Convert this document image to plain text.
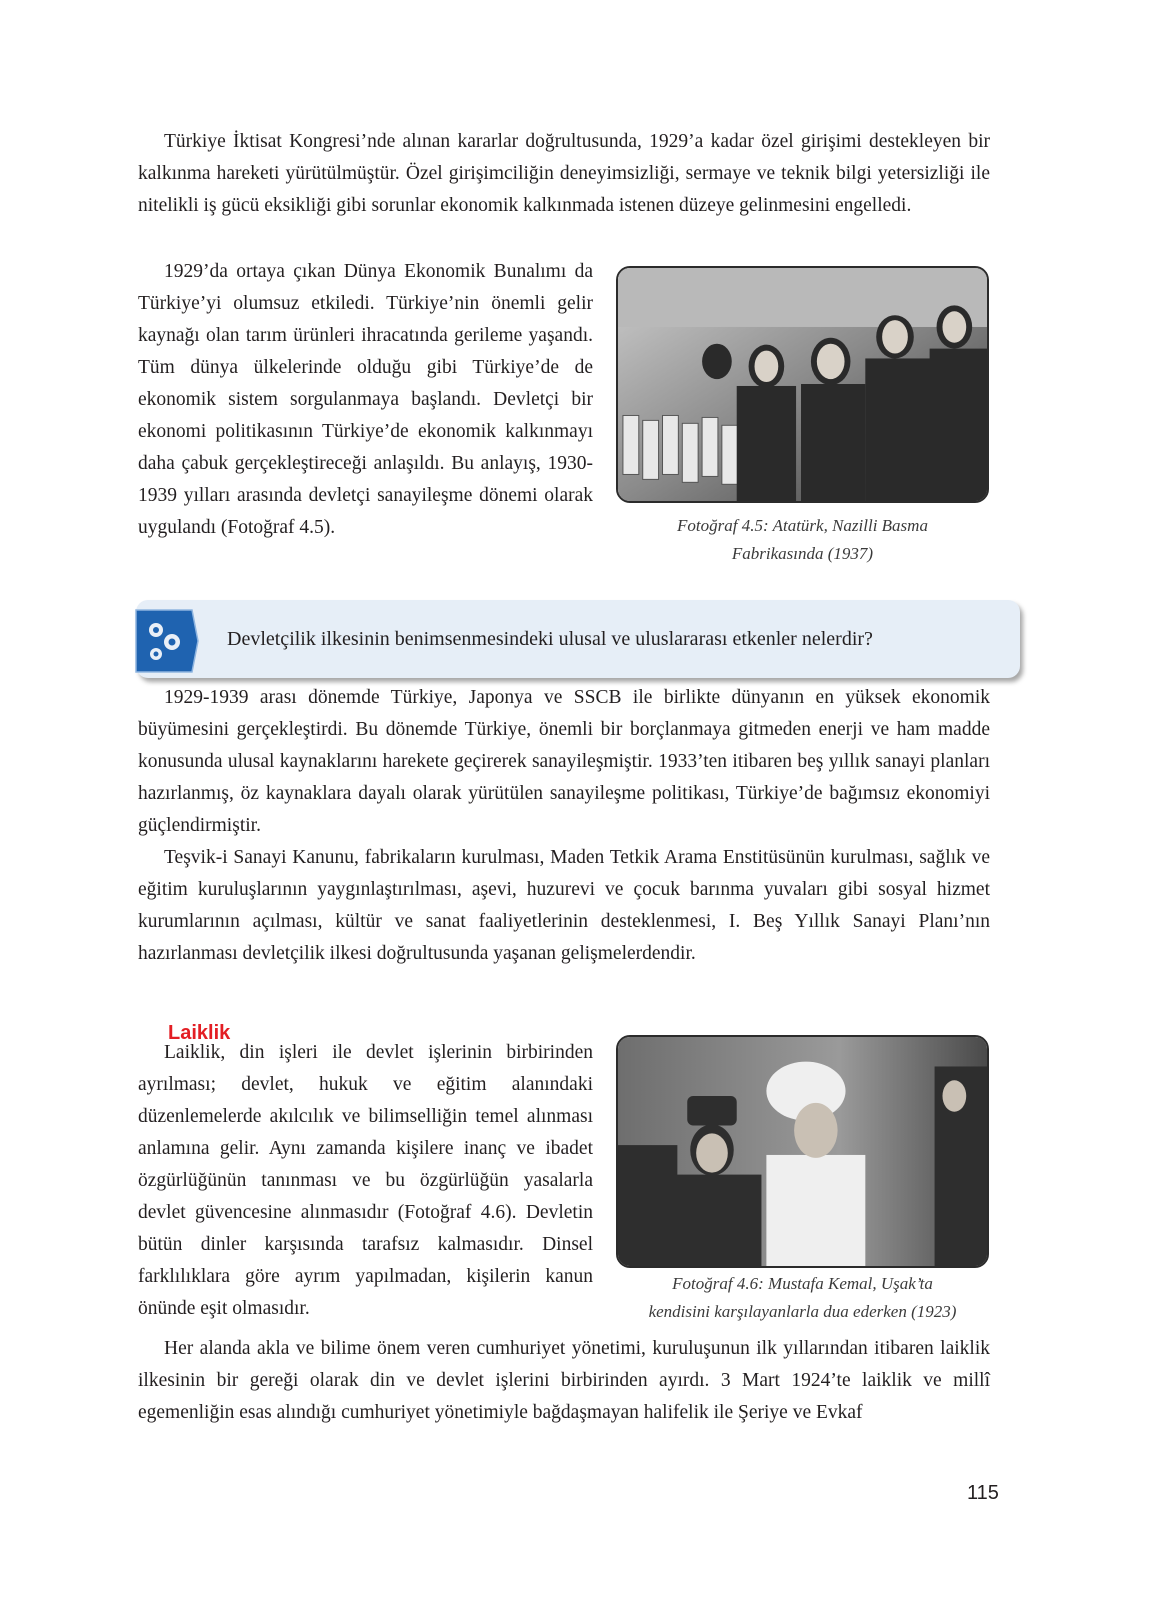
Türkiye İktisat Kongresi’nde alınan kararlar doğrultusunda, 1929’a kadar özel girişimi destekleyen bir kalkınma hareketi yürütülmüştür. Özel girişimciliğin deneyimsizliği, sermaye ve teknik bilgi yetersizliği ile nitelikli iş gücü eksikliği gibi sorunlar ekonomik kalkınmada istenen düzeye gelinmesini engelledi.

1929’da ortaya çıkan Dünya Ekonomik Bunalımı da Türkiye’yi olumsuz etkiledi. Türkiye’nin önemli gelir kaynağı olan tarım ürünleri ihracatında gerileme yaşandı. Tüm dünya ülkelerinde olduğu gibi Türkiye’de de ekonomik sistem sorgulanmaya başlandı. Devletçi bir ekonomi politikasının Türkiye’de ekonomik kalkınmayı daha çabuk gerçekleştireceği anlaşıldı. Bu anlayış, 1930-1939 yılları arasında devletçi sanayileşme dönemi olarak uygulandı (Fotoğraf 4.5).	Fotoğraf 4.5: Atatürk, Nazilli Basma
Fabrikasında (1937)

Devletçilik ilkesinin benimsenmesindeki ulusal ve uluslararası etkenler nelerdir?

1929-1939 arası dönemde Türkiye, Japonya ve SSCB ile birlikte dünyanın en yüksek ekonomik büyümesini gerçekleştirdi. Bu dönemde Türkiye, önemli bir borçlanmaya gitmeden enerji ve ham madde konusunda ulusal kaynaklarını harekete geçirerek sanayileşmiştir. 1933’ten itibaren beş yıllık sanayi planları hazırlanmış, öz kaynaklara dayalı olarak yürütülen sanayileşme politikası, Türkiye’de bağımsız ekonomiyi güçlendirmiştir.

Teşvik-i Sanayi Kanunu, fabrikaların kurulması, Maden Tetkik Arama Enstitüsünün kurulması, sağlık ve eğitim kuruluşlarının yaygınlaştırılması, aşevi, huzurevi ve çocuk barınma yuvaları gibi sosyal hizmet kurumlarının açılması, kültür ve sanat faaliyetlerinin desteklenmesi, I. Beş Yıllık Sanayi Planı’nın hazırlanması devletçilik ilkesi doğrultusunda yaşanan gelişmelerdendir.

Laiklik

Laiklik, din işleri ile devlet işlerinin birbirinden ayrılması; devlet, hukuk ve eğitim alanındaki düzenlemelerde akılcılık ve bilimselliğin temel alınması anlamına gelir. Aynı zamanda kişilere inanç ve ibadet özgürlüğünün tanınması ve bu özgürlüğün yasalarla devlet güvencesine alınmasıdır (Fotoğraf 4.6). Devletin bütün dinler karşısında tarafsız kalmasıdır. Dinsel farklılıklara göre ayrım yapılmadan, kişilerin kanun önünde eşit olmasıdır.

Fotoğraf 4.6: Mustafa Kemal, Uşak’ta
kendisini karşılayanlarla dua ederken (1923)

Her alanda akla ve bilime önem veren cumhuriyet yönetimi, kuruluşunun ilk yıllarından itibaren laiklik ilkesinin bir gereği olarak din ve devlet işlerini birbirinden ayırdı. 3 Mart 1924’te laiklik ve millî egemenliğin esas alındığı cumhuriyet yönetimiyle bağdaşmayan halifelik ile Şeriye ve Evkaf

115
